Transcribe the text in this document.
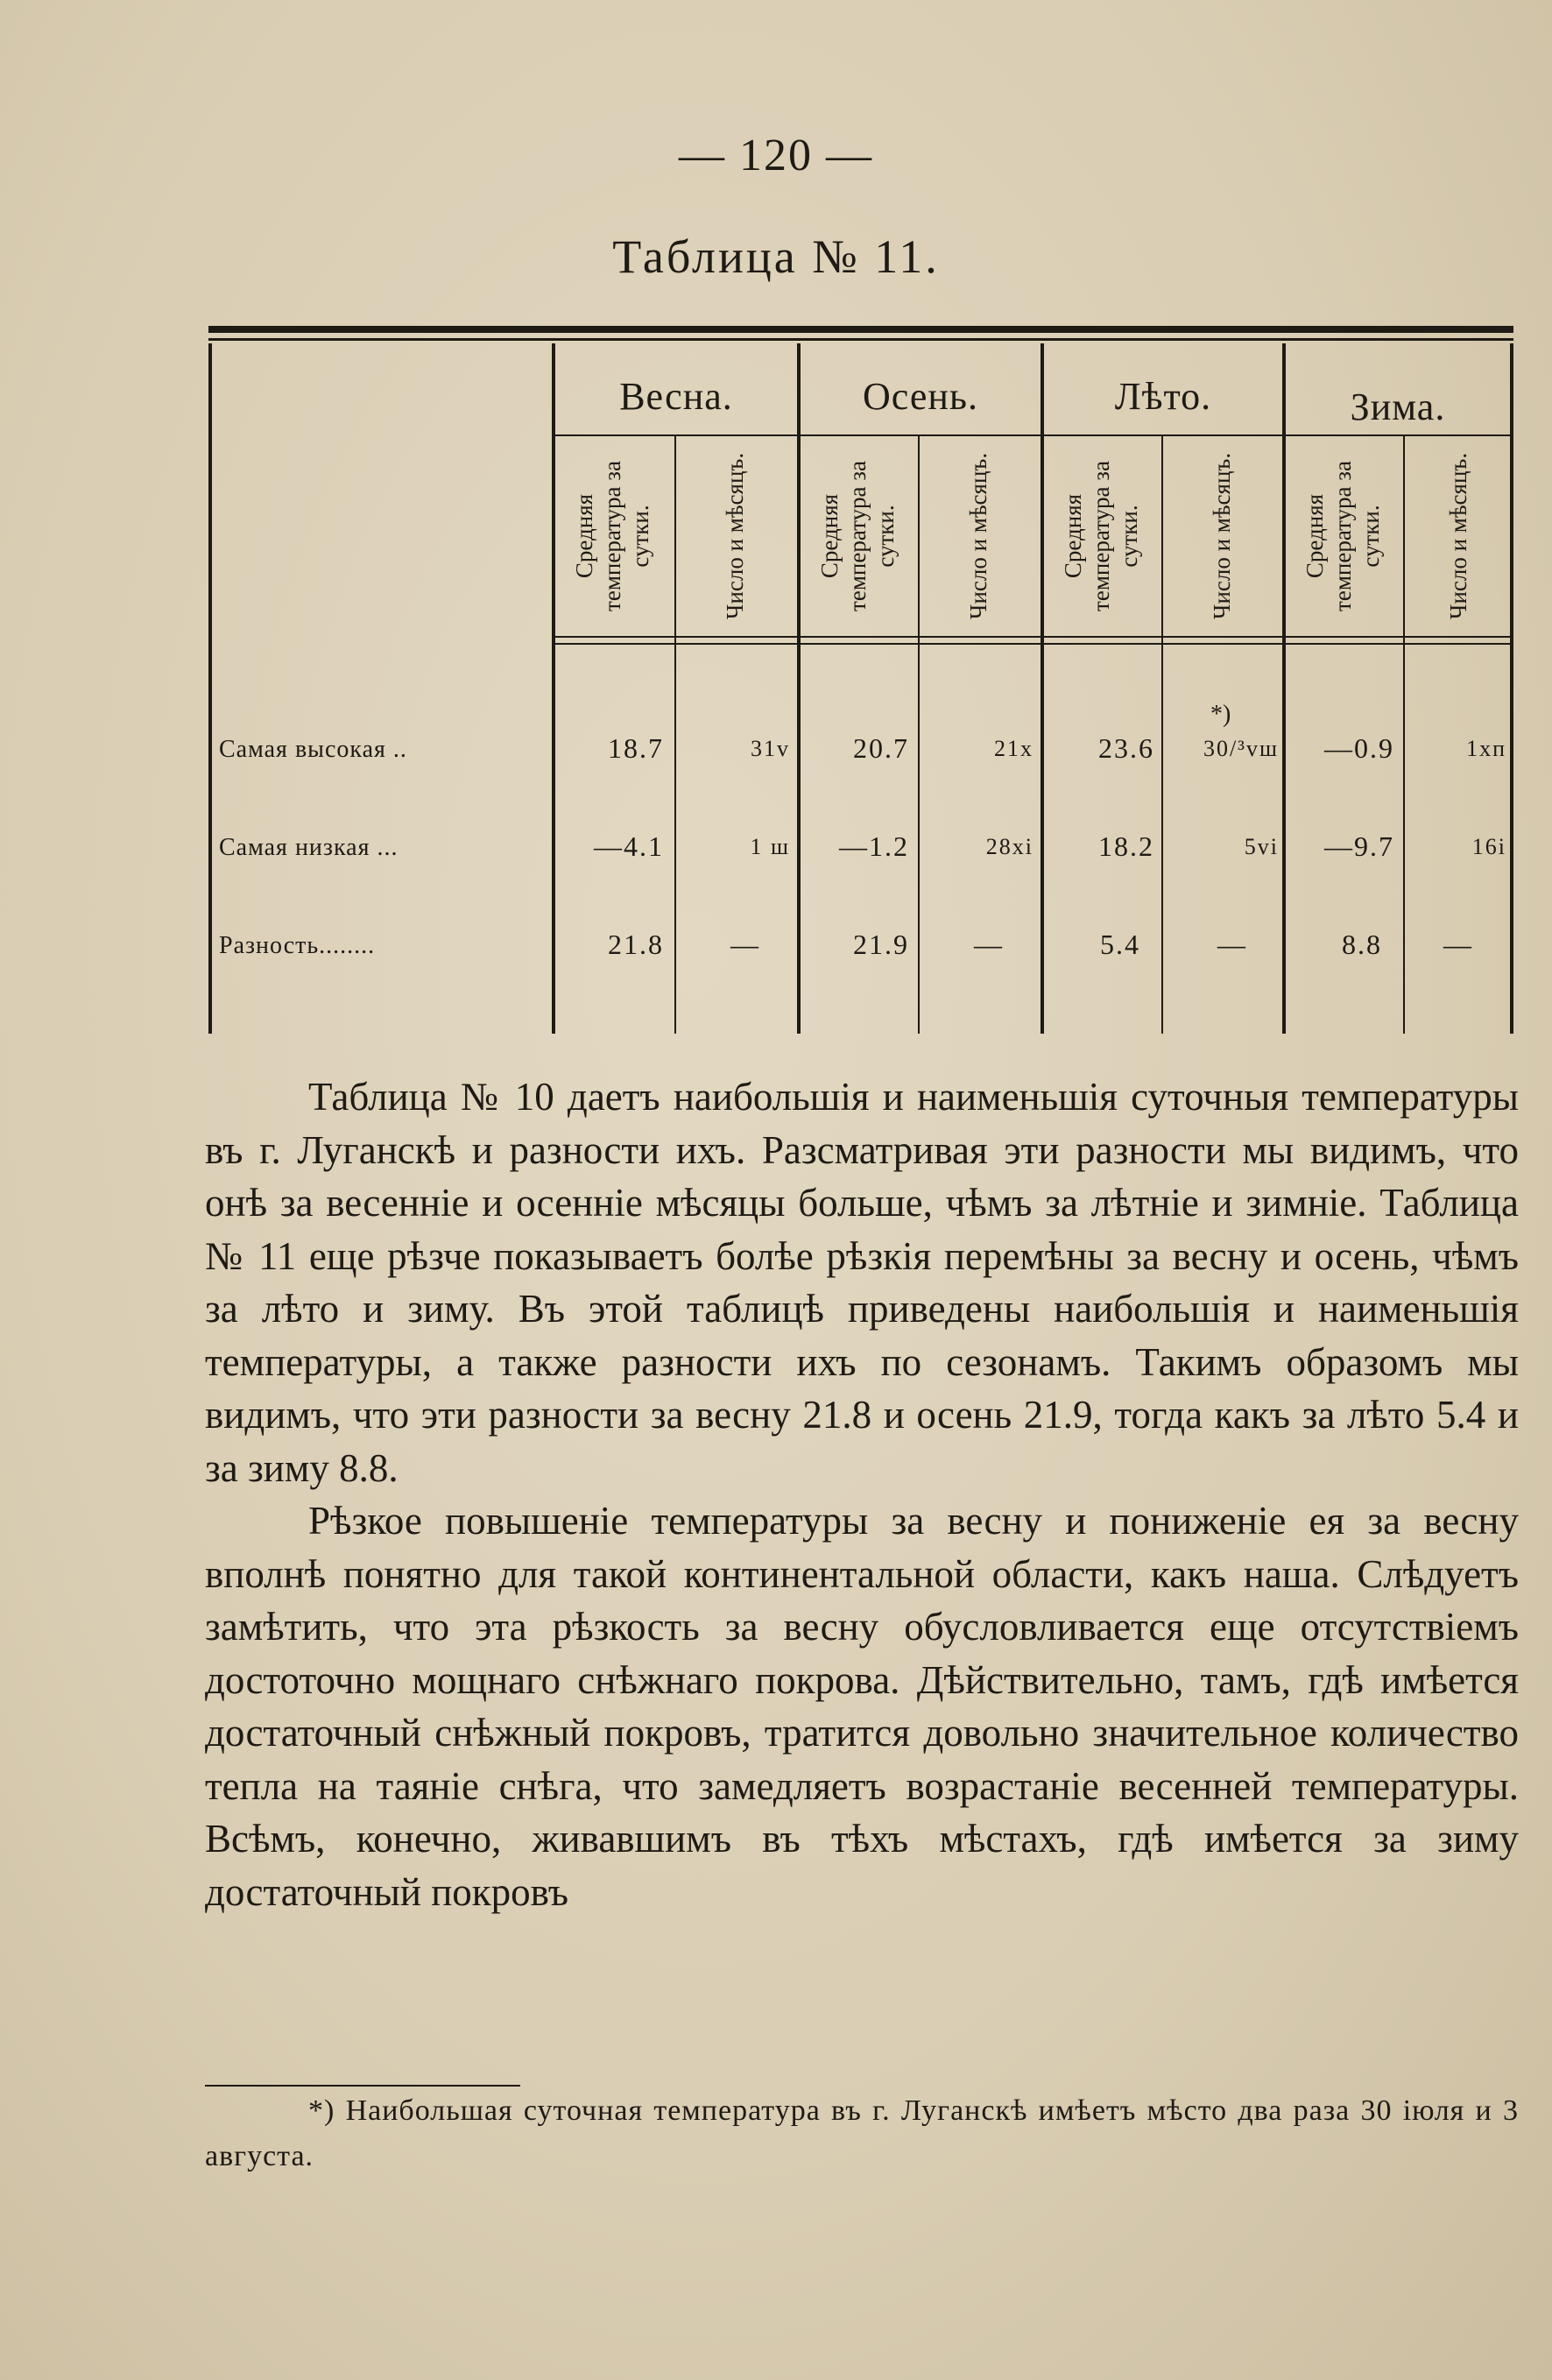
— 120 —
Таблица № 11.
Весна.	Осень.	Лѣто.	Зима.
Средняя температура за сутки.	Число и мѣсяцъ.	Средняя температура за сутки.	Число и мѣсяцъ.	Средняя температура за сутки.	Число и мѣсяцъ.	Средняя температура за сутки.	Число и мѣсяцъ.
*)
Самая высокая ..	18.7	31v	20.7	21x	23.6	30/³vш	—0.9	1xп
Самая низкая ...	—4.1	1 ш	—1.2	28xi	18.2	5vi	—9.7	16i
Разность........	21.8	—	21.9	—	5.4	—	8.8	—

Таблица № 10 даетъ наибольшія и наименьшія суточныя температуры въ г. Луганскѣ и разности ихъ. Разсматривая эти разности мы видимъ, что онѣ за весенніе и осенніе мѣсяцы больше, чѣмъ за лѣтніе и зимніе. Таблица № 11 еще рѣзче показываетъ болѣе рѣзкія перемѣны за весну и осень, чѣмъ за лѣто и зиму. Въ этой таблицѣ приведены наибольшія и наименьшія температуры, а также разности ихъ по сезонамъ. Такимъ образомъ мы видимъ, что эти разности за весну 21.8 и осень 21.9, тогда какъ за лѣто 5.4 и за зиму 8.8.

Рѣзкое повышеніе температуры за весну и пониженіе ея за весну вполнѣ понятно для такой континентальной области, какъ наша. Слѣдуетъ замѣтить, что эта рѣзкость за весну обусловливается еще отсутствіемъ достоточно мощнаго снѣжнаго покрова. Дѣйствительно, тамъ, гдѣ имѣется достаточный снѣжный покровъ, тратится довольно значительное количество тепла на таяніе снѣга, что замедляетъ возрастаніе весенней температуры. Всѣмъ, конечно, живавшимъ въ тѣхъ мѣстахъ, гдѣ имѣется за зиму достаточный покровъ

*) Наибольшая суточная температура въ г. Луганскѣ имѣетъ мѣсто два раза 30 іюля и 3 августа.
